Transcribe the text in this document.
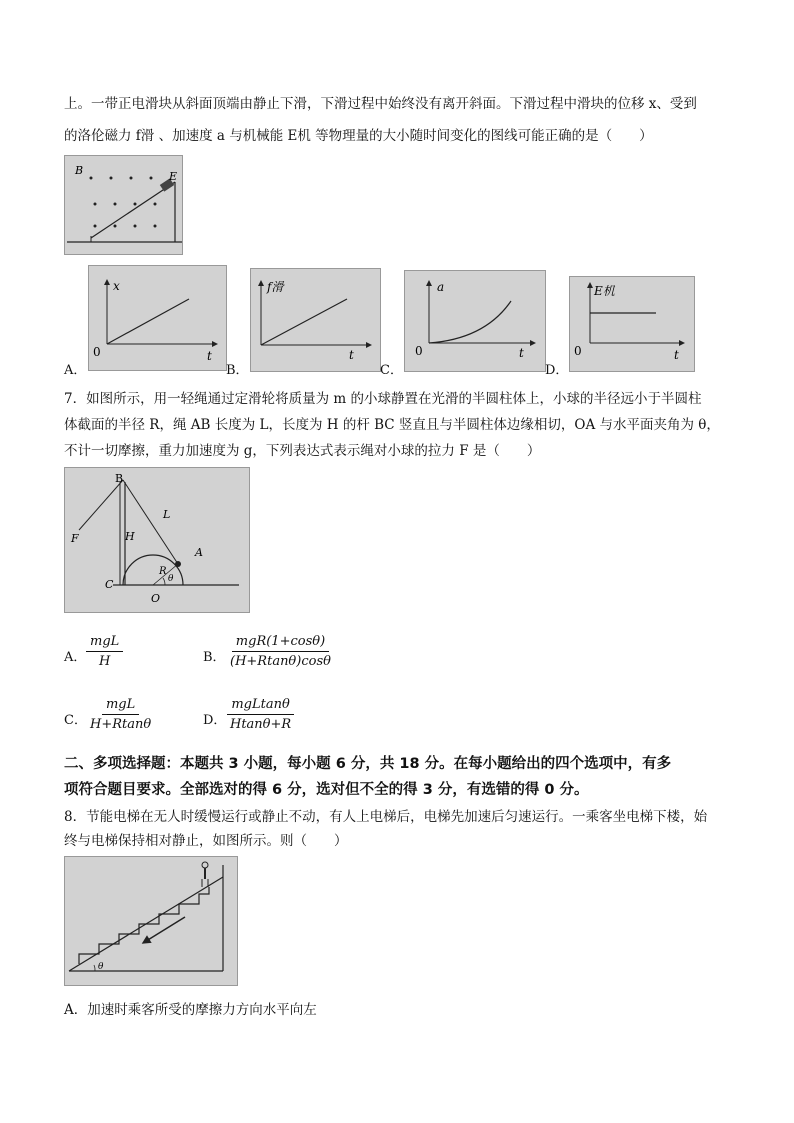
上。一带正电滑块从斜面顶端由静止下滑，下滑过程中始终没有离开斜面。下滑过程中滑块的位移 x、受到
的洛伦磁力 f滑 、加速度 a 与机械能 E机 等物理量的大小随时间变化的图线可能正确的是（　　）
B	E
A．
x
t
0
B．
f滑
t
C．
a
t
0
D．
E机
t
0
7．如图所示，用一轻绳通过定滑轮将质量为 m 的小球静置在光滑的半圆柱体上，小球的半径远小于半圆柱
体截面的半径 R，绳 AB 长度为 L，长度为 H 的杆 BC 竖直且与半圆柱体边缘相切，OA 与水平面夹角为 θ，
不计一切摩擦，重力加速度为 g，下列表达式表示绳对小球的拉力 F 是（　　）
B
L
F	H
A
R
θ
C
O
A．
mgL
H	B．
mgR(1+cosθ)
(H+Rtanθ)cosθ
C．
mgL
H+Rtanθ	D．
mgLtanθ
Htanθ+R
二、多项选择题：本题共 3 小题，每小题 6 分，共 18 分。在每小题给出的四个选项中，有多
项符合题目要求。全部选对的得 6 分，选对但不全的得 3 分，有选错的得 0 分。
8．节能电梯在无人时缓慢运行或静止不动，有人上电梯后，电梯先加速后匀速运行。一乘客坐电梯下楼，始
终与电梯保持相对静止，如图所示。则（　　）
θ
A．加速时乘客所受的摩擦力方向水平向左
